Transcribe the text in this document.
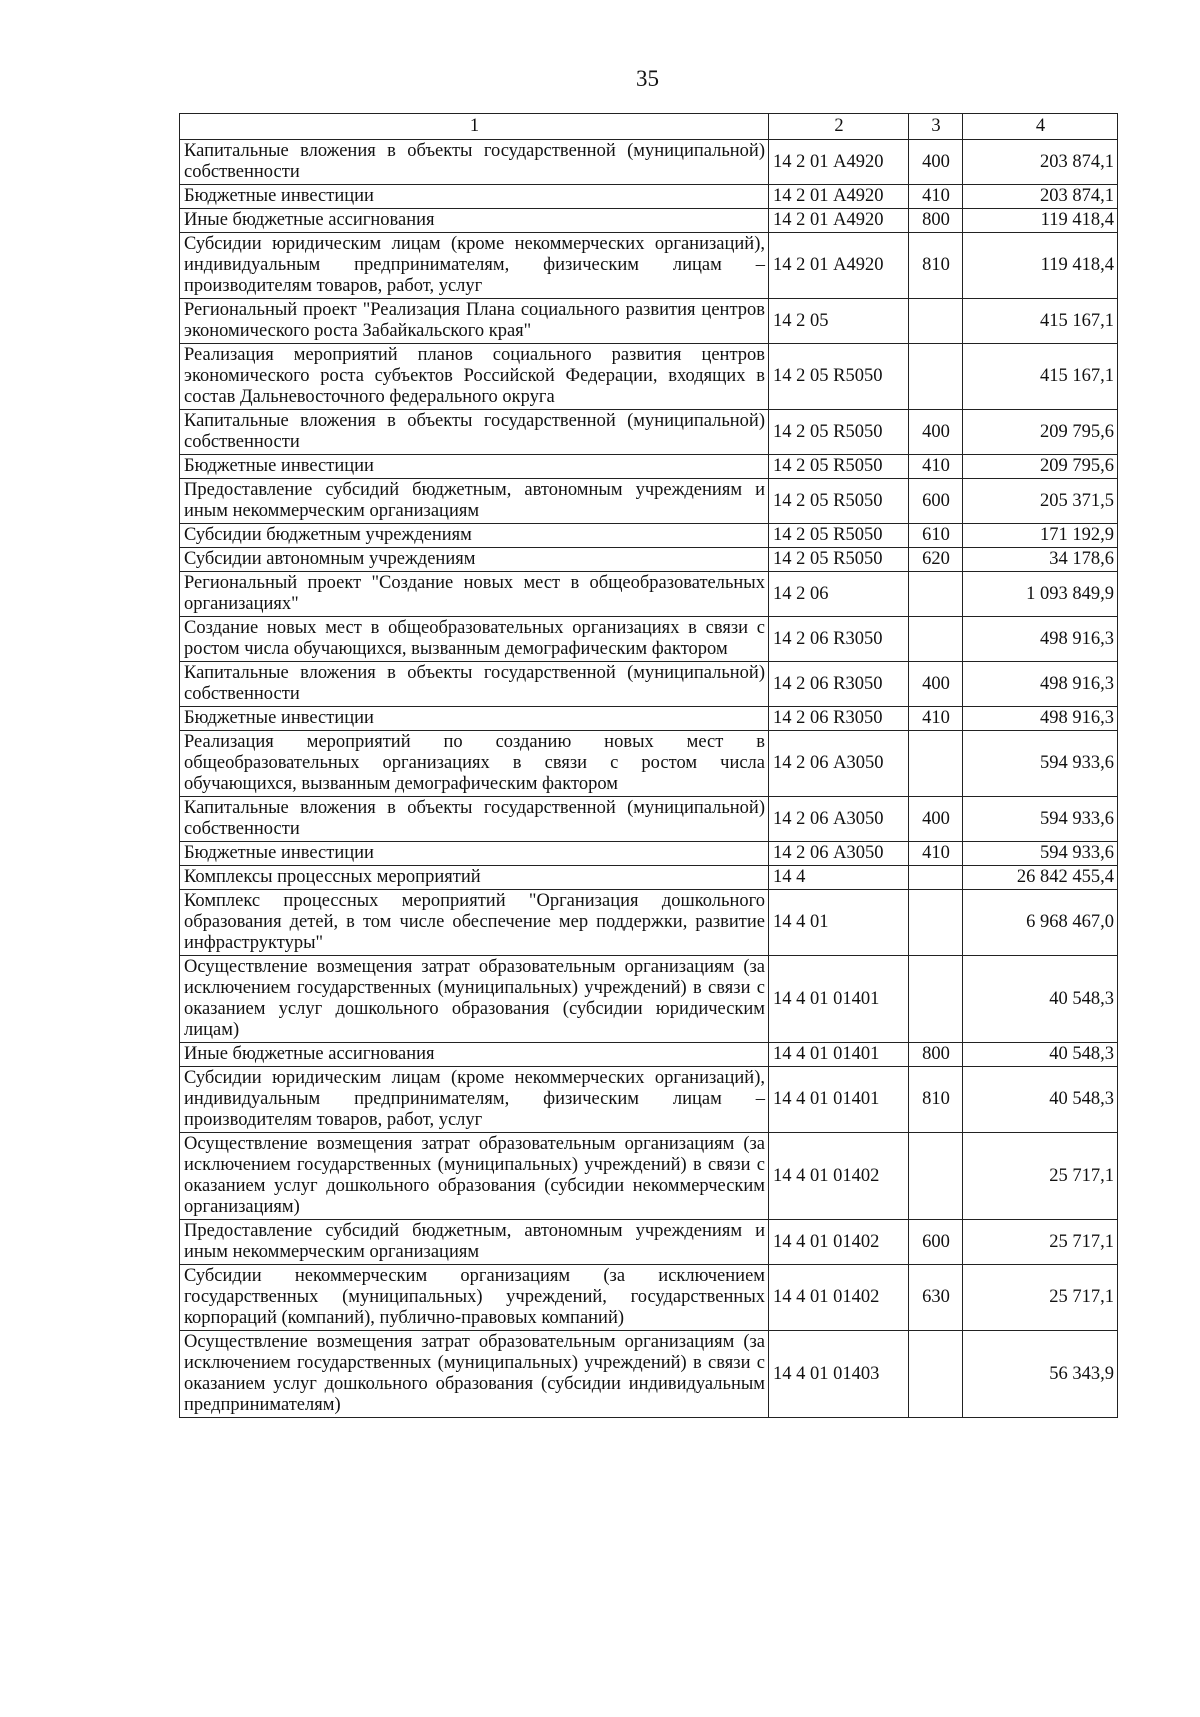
35
1	2	3	4
Капитальные вложения в объекты государственной (муниципальной) собственности	14 2 01 А4920	400	203 874,1
Бюджетные инвестиции	14 2 01 А4920	410	203 874,1
Иные бюджетные ассигнования	14 2 01 А4920	800	119 418,4
Субсидии юридическим лицам (кроме некоммерческих организаций), индивидуальным предпринимателям, физическим лицам – производителям товаров, работ, услуг	14 2 01 А4920	810	119 418,4
Региональный проект "Реализация Плана социального развития центров экономического роста Забайкальского края"	14 2 05		415 167,1
Реализация мероприятий планов социального развития центров экономического роста субъектов Российской Федерации, входящих в состав Дальневосточного федерального округа	14 2 05 R5050		415 167,1
Капитальные вложения в объекты государственной (муниципальной) собственности	14 2 05 R5050	400	209 795,6
Бюджетные инвестиции	14 2 05 R5050	410	209 795,6
Предоставление субсидий бюджетным, автономным учреждениям и иным некоммерческим организациям	14 2 05 R5050	600	205 371,5
Субсидии бюджетным учреждениям	14 2 05 R5050	610	171 192,9
Субсидии автономным учреждениям	14 2 05 R5050	620	34 178,6
Региональный проект "Создание новых мест в общеобразовательных организациях"	14 2 06		1 093 849,9
Создание новых мест в общеобразовательных организациях в связи с ростом числа обучающихся, вызванным демографическим фактором	14 2 06 R3050		498 916,3
Капитальные вложения в объекты государственной (муниципальной) собственности	14 2 06 R3050	400	498 916,3
Бюджетные инвестиции	14 2 06 R3050	410	498 916,3
Реализация мероприятий по созданию новых мест в общеобразовательных организациях в связи с ростом числа обучающихся, вызванным демографическим фактором	14 2 06 А3050		594 933,6
Капитальные вложения в объекты государственной (муниципальной) собственности	14 2 06 А3050	400	594 933,6
Бюджетные инвестиции	14 2 06 А3050	410	594 933,6
Комплексы процессных мероприятий	14 4		26 842 455,4
Комплекс процессных мероприятий "Организация дошкольного образования детей, в том числе обеспечение мер поддержки, развитие инфраструктуры"	14 4 01		6 968 467,0
Осуществление возмещения затрат образовательным организациям (за исключением государственных (муниципальных) учреждений) в связи с оказанием услуг дошкольного образования (субсидии юридическим лицам)	14 4 01 01401		40 548,3
Иные бюджетные ассигнования	14 4 01 01401	800	40 548,3
Субсидии юридическим лицам (кроме некоммерческих организаций), индивидуальным предпринимателям, физическим лицам – производителям товаров, работ, услуг	14 4 01 01401	810	40 548,3
Осуществление возмещения затрат образовательным организациям (за исключением государственных (муниципальных) учреждений) в связи с оказанием услуг дошкольного образования (субсидии некоммерческим организациям)	14 4 01 01402		25 717,1
Предоставление субсидий бюджетным, автономным учреждениям и иным некоммерческим организациям	14 4 01 01402	600	25 717,1
Субсидии некоммерческим организациям (за исключением государственных (муниципальных) учреждений, государственных корпораций (компаний), публично-правовых компаний)	14 4 01 01402	630	25 717,1
Осуществление возмещения затрат образовательным организациям (за исключением государственных (муниципальных) учреждений) в связи с оказанием услуг дошкольного образования (субсидии индивидуальным предпринимателям)	14 4 01 01403		56 343,9
